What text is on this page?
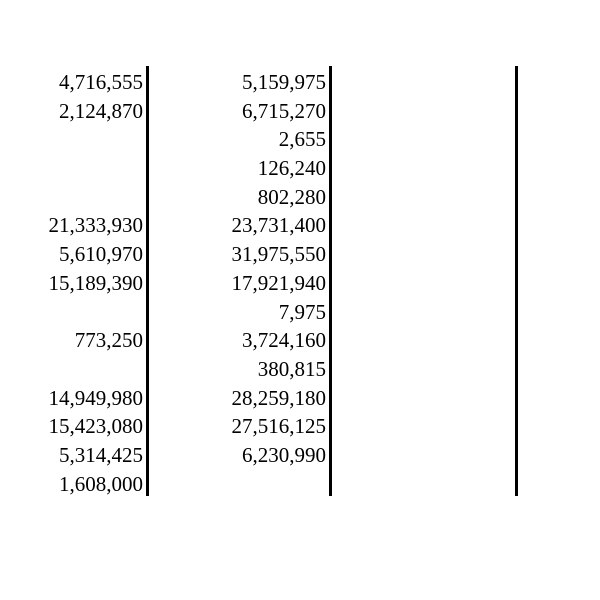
4,716,555
2,124,870
21,333,930
5,610,970
15,189,390
773,250
14,949,980
15,423,080
5,314,425
1,608,000
5,159,975
6,715,270
2,655
126,240
802,280
23,731,400
31,975,550
17,921,940
7,975
3,724,160
380,815
28,259,180
27,516,125
6,230,990
